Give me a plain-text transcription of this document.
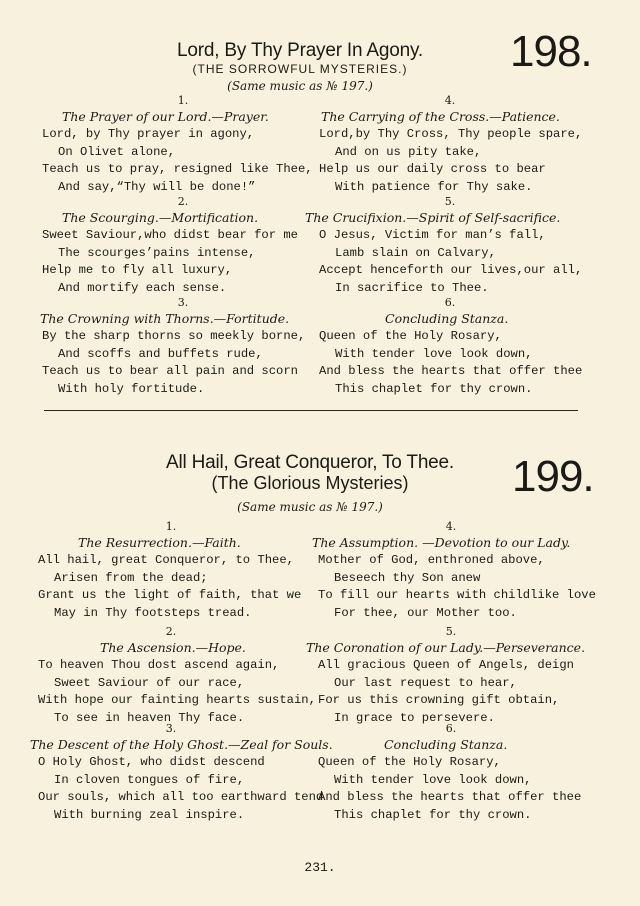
Lord, By Thy Prayer In Agony.
(THE SORROWFUL MYSTERIES.)
(Same music as № 197.)
198.
1.
The Prayer of our Lord.—Prayer.
Lord, by Thy prayer in agony,
On Olivet alone,
Teach us to pray, resigned like Thee,
And say,“Thy will be done!”
2.
The Scourging.—Mortification.
Sweet Saviour,who didst bear for me
The scourges’pains intense,
Help me to fly all luxury,
And mortify each sense.
3.
The Crowning with Thorns.—Fortitude.
By the sharp thorns so meekly borne,
And scoffs and buffets rude,
Teach us to bear all pain and scorn
With holy fortitude.
4.
The Carrying of the Cross.—Patience.
Lord,by Thy Cross, Thy people spare,
And on us pity take,
Help us our daily cross to bear
With patience for Thy sake.
5.
The Crucifixion.—Spirit of Self-sacrifice.
O Jesus, Victim for man’s fall,
Lamb slain on Calvary,
Accept henceforth our lives,our all,
In sacrifice to Thee.
6.
Concluding Stanza.
Queen of the Holy Rosary,
With tender love look down,
And bless the hearts that offer thee
This chaplet for thy crown.
All Hail, Great Conqueror, To Thee.
(The Glorious Mysteries)
(Same music as № 197.)
199.
1.
The Resurrection.—Faith.
All hail, great Conqueror, to Thee,
Arisen from the dead;
Grant us the light of faith, that we
May in Thy footsteps tread.
2.
The Ascension.—Hope.
To heaven Thou dost ascend again,
Sweet Saviour of our race,
With hope our fainting hearts sustain,
To see in heaven Thy face.
3.
The Descent of the Holy Ghost.—Zeal for Souls.
O Holy Ghost, who didst descend
In cloven tongues of fire,
Our souls, which all too earthward tend
With burning zeal inspire.
4.
The Assumption. —Devotion to our Lady.
Mother of God, enthroned above,
Beseech thy Son anew
To fill our hearts with childlike love
For thee, our Mother too.
5.
The Coronation of our Lady.—Perseverance.
All gracious Queen of Angels, deign
Our last request to hear,
For us this crowning gift obtain,
In grace to persevere.
6.
Concluding Stanza.
Queen of the Holy Rosary,
With tender love look down,
And bless the hearts that offer thee
This chaplet for thy crown.
231.
